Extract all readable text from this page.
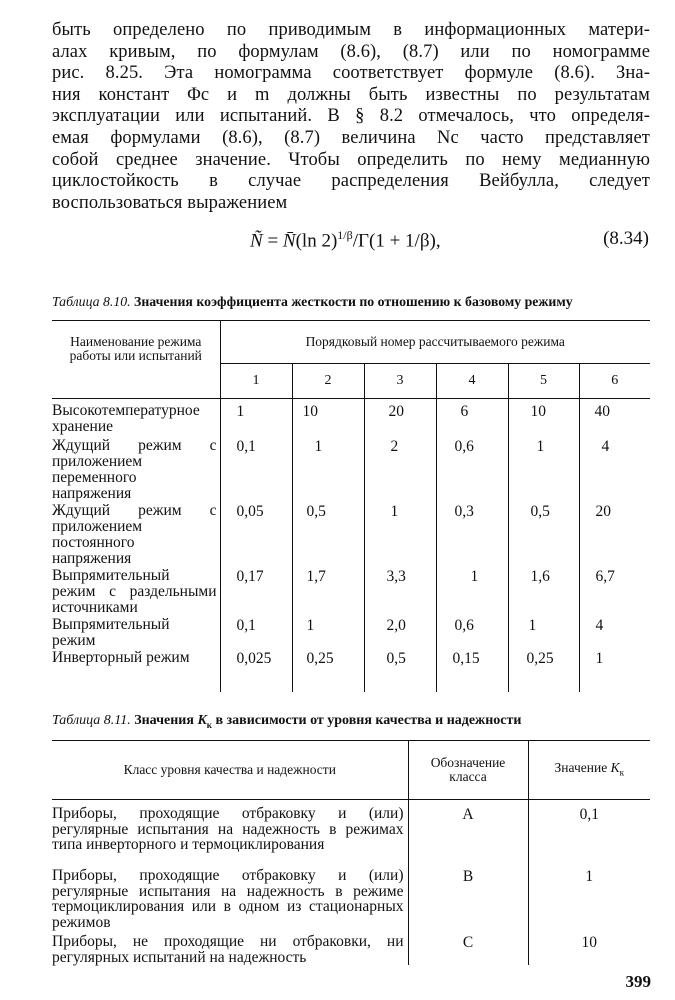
быть определено по приводимым в информационных матери-
алах кривым, по формулам (8.6), (8.7) или по номограмме
рис. 8.25. Эта номограмма соответствует формуле (8.6). Зна-
ния констант Φс и m должны быть известны по результатам
эксплуатации или испытаний. В § 8.2 отмечалось, что определя-
емая формулами (8.6), (8.7) величина Nс часто представляет
собой среднее значение. Чтобы определить по нему медианную
циклостойкость в случае распределения Вейбулла, следует
воспользоваться выражением
Ñ = N̄(ln 2)$^{1/\beta}$/Γ(1 + 1/β),	(8.34)
Таблица 8.10. Значения коэффициента жесткости по отношению к базовому режиму
Наименование режима работы или испытаний	Порядковый номер рассчитываемого режима					
	1	2	3	4	5	6
Высокотемпературное хранение	1	10	20	6	10	40
Ждущий режим с приложением переменного напряжения	0,1	1	2	0,6	1	4
Ждущий режим с приложением постоянного напряжения	0,05	0,5	1	0,3	0,5	20
Выпрямительный режим с раздельными источниками	0,17	1,7	3,3	1	1,6	6,7
Выпрямительный режим	0,1	1	2,0	0,6	1	4
Инверторный режим	0,025	0,25	0,5	0,15	0,25	1
Таблица 8.11. Значения $K_к$ в зависимости от уровня качества и надежности
Класс уровня качества и надежности	Обозначение класса	Значение $K_к$
Приборы, проходящие отбраковку и (или) регулярные испытания на надежность в режимах типа инверторного и термоциклирования	A	0,1
Приборы, проходящие отбраковку и (или) регулярные испытания на надежность в режиме термоциклирования или в одном из стационарных режимов	B	1
Приборы, не проходящие ни отбраковки, ни регулярных испытаний на надежность	C	10
399
